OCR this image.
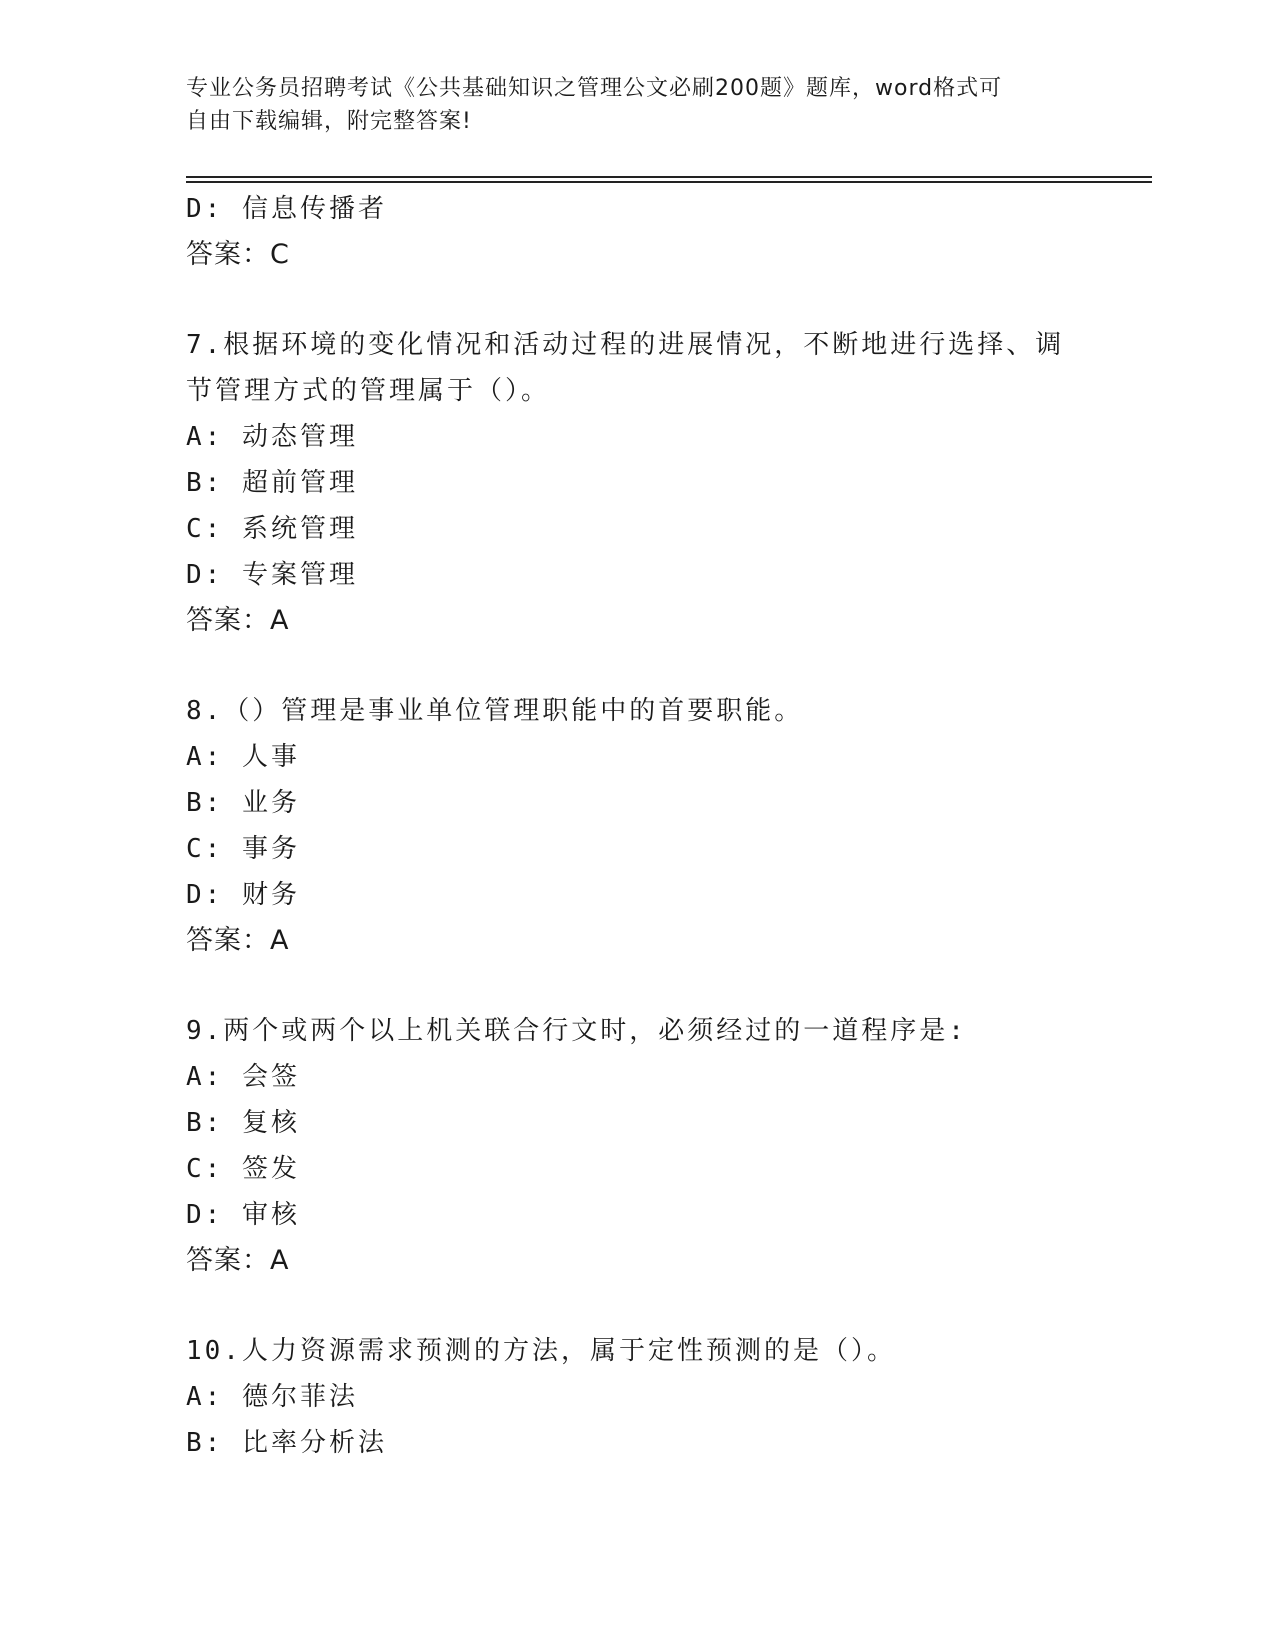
专业公务员招聘考试《公共基础知识之管理公文必刷200题》题库，word格式可
自由下载编辑，附完整答案!
D: 信息传播者
答案：C
7.根据环境的变化情况和活动过程的进展情况，不断地进行选择、调
节管理方式的管理属于（）。
A: 动态管理
B: 超前管理
C: 系统管理
D: 专案管理
答案：A
8.（）管理是事业单位管理职能中的首要职能。
A: 人事
B: 业务
C: 事务
D: 财务
答案：A
9.两个或两个以上机关联合行文时，必须经过的一道程序是:
A: 会签
B: 复核
C: 签发
D: 审核
答案：A
10.人力资源需求预测的方法，属于定性预测的是（）。
A: 德尔菲法
B: 比率分析法
